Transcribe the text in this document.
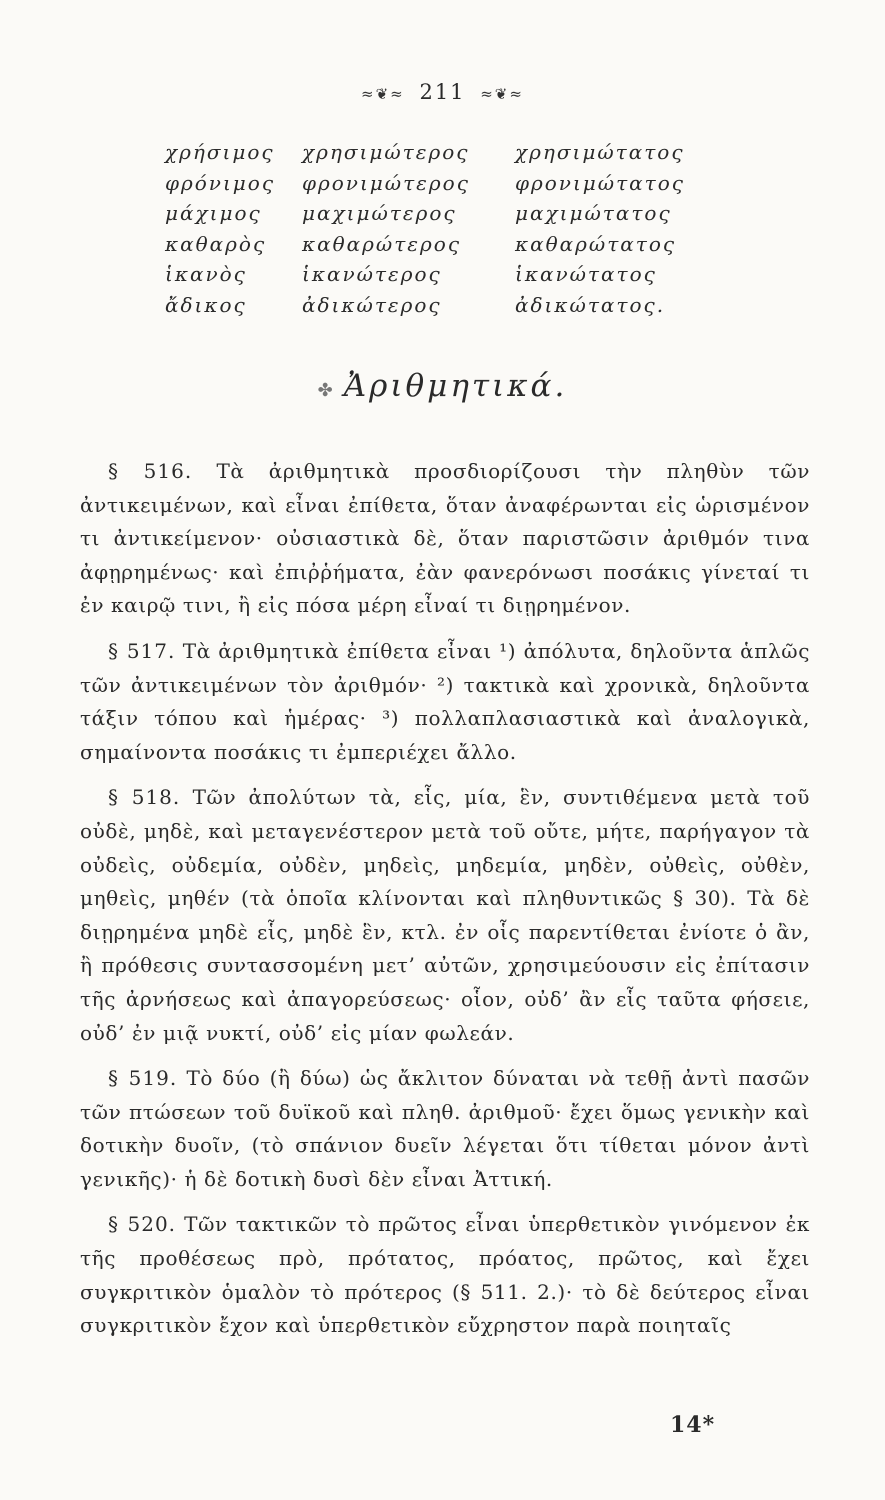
≈❦≈ 211 ≈❦≈
χρήσιμος χρησιμώτερος χρησιμώτατος
φρόνιμος φρονιμώτερος φρονιμώτατος
μάχιμος μαχιμώτερος	μαχιμώτατος
καθαρὸς καθαρώτερος	καθαρώτατος
ἱκανὸς	ἱκανώτερος	ἱκανώτατος
ἄδικος	ἀδικώτερος	ἀδικώτατος.
✤ Ἀριθμητικά.

§ 516. Τὰ ἀριθμητικὰ προσδιορίζουσι τὴν πληθὺν τῶν ἀντικειμένων, καὶ εἶναι ἐπίθετα, ὅταν ἀναφέρωνται εἰς ὡρισμένον τι ἀντικείμενον· οὐσιαστικὰ δὲ, ὅταν παριστῶσιν ἀριθμόν τινα ἀφῃρημένως· καὶ ἐπιῤῥήματα, ἐὰν φανερόνωσι ποσάκις γίνεταί τι ἐν καιρῷ τινι, ἢ εἰς πόσα μέρη εἶναί τι διῃρημένον.

§ 517. Τὰ ἀριθμητικὰ ἐπίθετα εἶναι ¹) ἀπόλυτα, δηλοῦντα ἁπλῶς τῶν ἀντικειμένων τὸν ἀριθμόν· ²) τακτικὰ καὶ χρονικὰ, δηλοῦντα τάξιν τόπου καὶ ἡμέρας· ³) πολλαπλασιαστικὰ καὶ ἀναλογικὰ, σημαίνοντα ποσάκις τι ἐμπεριέχει ἄλλο.

§ 518. Τῶν ἀπολύτων τὰ, εἷς, μία, ἓν, συντιθέμενα μετὰ τοῦ οὐδὲ, μηδὲ, καὶ μεταγενέστερον μετὰ τοῦ οὔτε, μήτε, παρήγαγον τὰ οὐδεὶς, οὐδεμία, οὐδὲν, μηδεὶς, μηδεμία, μηδὲν, οὐθεὶς, οὐθὲν, μηθεὶς, μηθέν (τὰ ὁποῖα κλίνονται καὶ πληθυντικῶς § 30). Τὰ δὲ διῃρημένα μηδὲ εἷς, μηδὲ ἓν, κτλ. ἐν οἷς παρεντίθεται ἐνίοτε ὁ ἂν, ἢ πρόθεσις συντασσομένη μετ’ αὐτῶν, χρησιμεύουσιν εἰς ἐπίτασιν τῆς ἀρνήσεως καὶ ἀπαγορεύσεως· οἷον, οὐδ’ ἂν εἷς ταῦτα φήσειε, οὐδ’ ἐν μιᾷ νυκτί, οὐδ’ εἰς μίαν φωλεάν.

§ 519. Τὸ δύο (ἢ δύω) ὡς ἄκλιτον δύναται νὰ τεθῇ ἀντὶ πασῶν τῶν πτώσεων τοῦ δυϊκοῦ καὶ πληθ. ἀριθμοῦ· ἔχει ὅμως γενικὴν καὶ δοτικὴν δυοῖν, (τὸ σπάνιον δυεῖν λέγεται ὅτι τίθεται μόνον ἀντὶ γενικῆς)· ἡ δὲ δοτικὴ δυσὶ δὲν εἶναι Ἀττική.

§ 520. Τῶν τακτικῶν τὸ πρῶτος εἶναι ὑπερθετικὸν γινόμενον ἐκ τῆς προθέσεως πρὸ, πρότατος, πρόατος, πρῶτος, καὶ ἔχει συγκριτικὸν ὁμαλὸν τὸ πρότερος (§ 511. 2.)· τὸ δὲ δεύτερος εἶναι συγκριτικὸν ἔχον καὶ ὑπερθετικὸν εὔχρηστον παρὰ ποιηταῖς

14*
